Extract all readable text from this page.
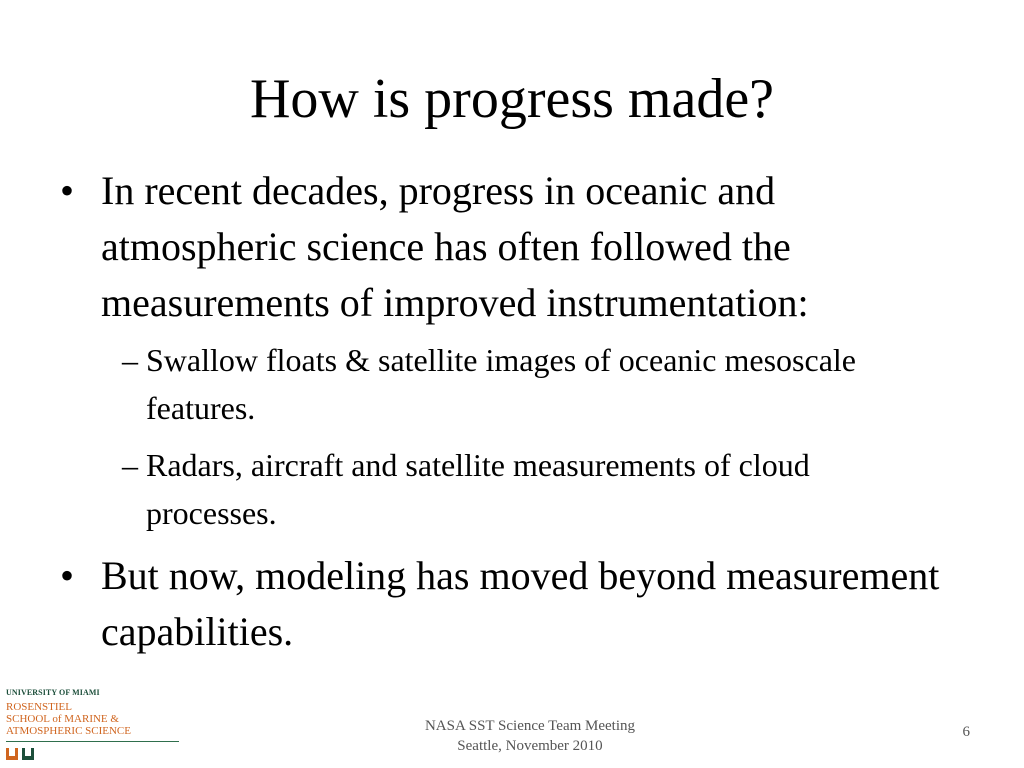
How is progress made?
• In recent decades, progress in oceanic and atmospheric science has often followed the measurements of improved instrumentation:
– Swallow floats & satellite images of oceanic mesoscale features.
– Radars, aircraft and satellite measurements of cloud processes.
• But now, modeling has moved beyond measurement capabilities.
UNIVERSITY OF MIAMI
ROSENSTIEL
SCHOOL of MARINE &
ATMOSPHERIC SCIENCE	NASA SST Science Team Meeting
Seattle, November 2010
6
